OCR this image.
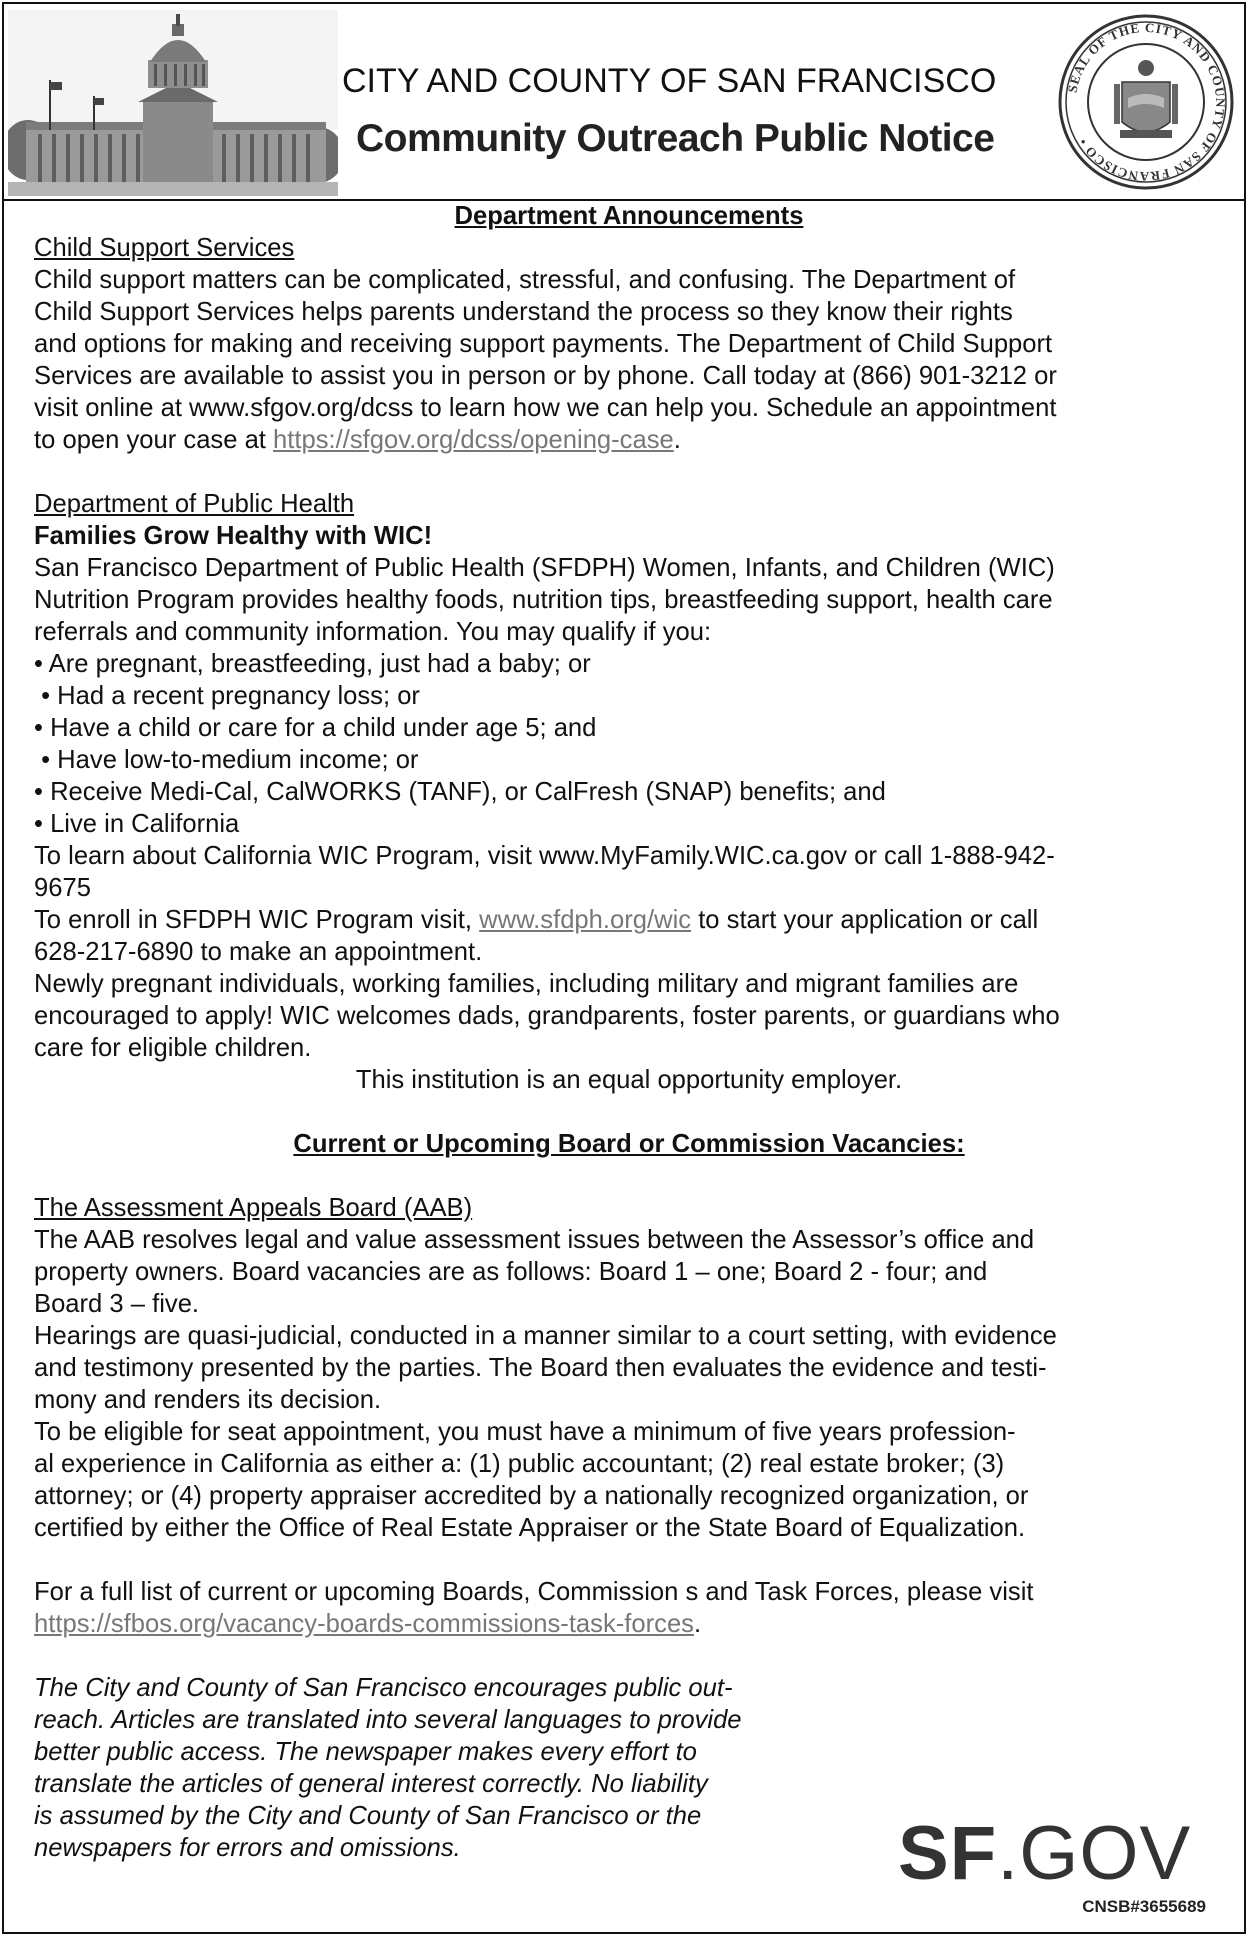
CITY AND COUNTY OF SAN FRANCISCO
Community Outreach Public Notice
SEAL OF THE CITY AND COUNTY OF SAN FRANCISCO •
Department Announcements
Child Support Services
Child support matters can be complicated, stressful, and confusing. The Department of
Child Support Services helps parents understand the process so they know their rights
and options for making and receiving support payments. The Department of Child Support
Services are available to assist you in person or by phone. Call today at (866) 901-3212 or
visit online at www.sfgov.org/dcss to learn how we can help you. Schedule an appointment
to open your case at https://sfgov.org/dcss/opening-case.
Department of Public Health
Families Grow Healthy with WIC!
San Francisco Department of Public Health (SFDPH) Women, Infants, and Children (WIC)
Nutrition Program provides healthy foods, nutrition tips, breastfeeding support, health care
referrals and community information. You may qualify if you:
• Are pregnant, breastfeeding, just had a baby; or
• Had a recent pregnancy loss; or
• Have a child or care for a child under age 5; and
• Have low-to-medium income; or
• Receive Medi-Cal, CalWORKS (TANF), or CalFresh (SNAP) benefits; and
• Live in California
To learn about California WIC Program, visit www.MyFamily.WIC.ca.gov or call 1-888-942-
9675
To enroll in SFDPH WIC Program visit, www.sfdph.org/wic to start your application or call
628-217-6890 to make an appointment.
Newly pregnant individuals, working families, including military and migrant families are
encouraged to apply! WIC welcomes dads, grandparents, foster parents, or guardians who
care for eligible children.
This institution is an equal opportunity employer.
Current or Upcoming Board or Commission Vacancies:
The Assessment Appeals Board (AAB)
The AAB resolves legal and value assessment issues between the Assessor’s office and
property owners. Board vacancies are as follows: Board 1 – one; Board 2 - four; and
Board 3 – five.
Hearings are quasi-judicial, conducted in a manner similar to a court setting, with evidence
and testimony presented by the parties. The Board then evaluates the evidence and testi-
mony and renders its decision.
To be eligible for seat appointment, you must have a minimum of five years profession-
al experience in California as either a: (1) public accountant; (2) real estate broker; (3)
attorney; or (4) property appraiser accredited by a nationally recognized organization, or
certified by either the Office of Real Estate Appraiser or the State Board of Equalization.
For a full list of current or upcoming Boards, Commission s and Task Forces, please visit
https://sfbos.org/vacancy-boards-commissions-task-forces.
The City and County of San Francisco encourages public out-
reach. Articles are translated into several languages to provide
better public access. The newspaper makes every effort to
translate the articles of general interest correctly. No liability
is assumed by the City and County of San Francisco or the
newspapers for errors and omissions.	SF.GOV
CNSB#3655689
